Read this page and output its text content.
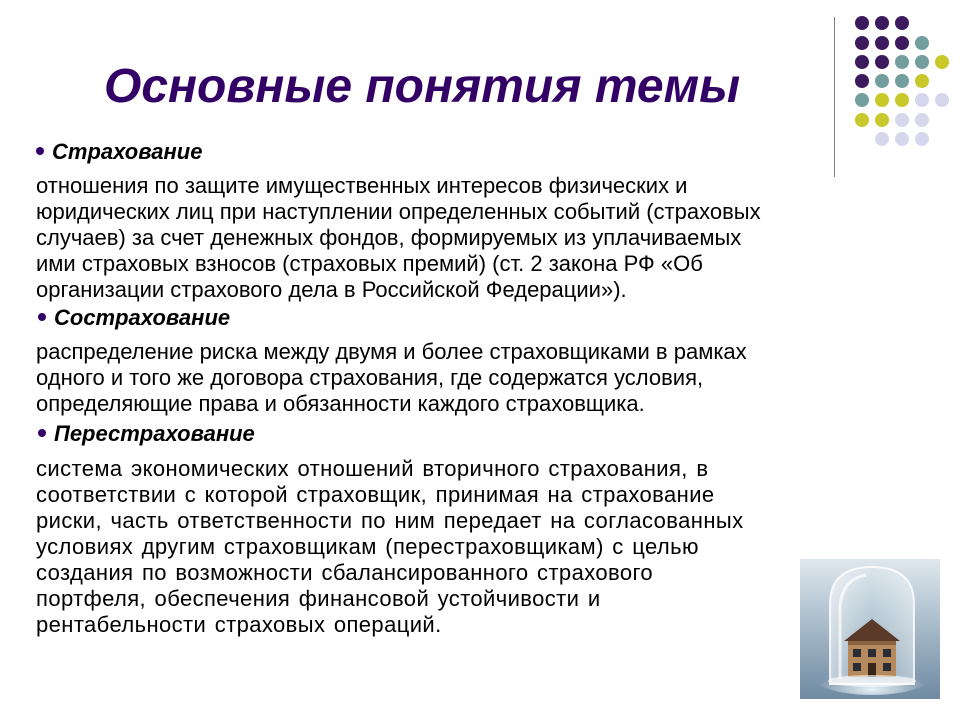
Основные понятия темы
Страхование
отношения по защите имущественных интересов физических и
юридических лиц при наступлении определенных событий (страховых
случаев) за счет денежных фондов, формируемых из уплачиваемых
ими страховых взносов (страховых премий) (ст. 2 закона РФ «Об
организации страхового дела в Российской Федерации»).
Сострахование
распределение риска между двумя и более страховщиками в рамках
одного и того же договора страхования, где содержатся условия,
определяющие права и обязанности каждого страховщика.
Перестрахование
система экономических отношений вторичного страхования, в
соответствии с которой страховщик, принимая на страхование
риски, часть ответственности по ним передает на согласованных
условиях другим страховщикам (перестраховщикам) с целью
создания по возможности сбалансированного страхового
портфеля, обеспечения финансовой устойчивости и
рентабельности страховых операций.
